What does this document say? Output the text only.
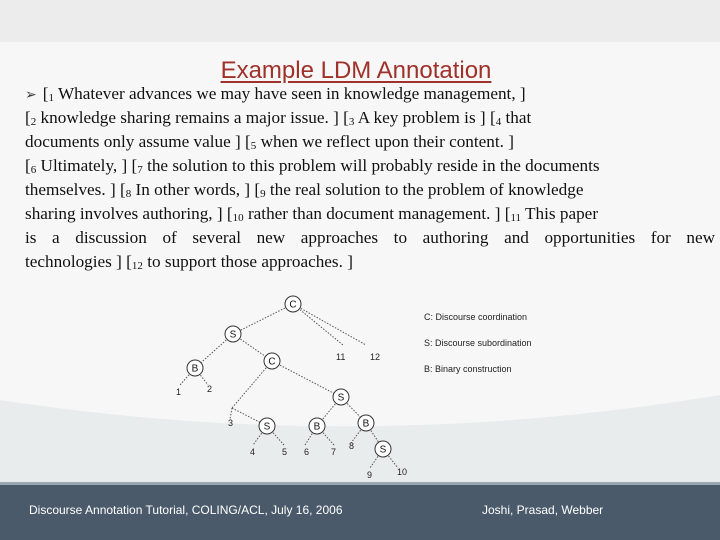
Example LDM Annotation
➢ [$_1$ Whatever advances we may have seen in knowledge management, ]
[$_2$ knowledge sharing remains a major issue. ] [$_3$ A key problem is ] [$_4$ that
documents only assume value ] [$_5$ when we reflect upon their content. ]
[$_6$ Ultimately, ] [$_7$ the solution to this problem will probably reside in the documents
themselves. ] [$_8$ In other words, ] [$_9$ the real solution to the problem of knowledge
sharing involves authoring, ] [$_{10}$ rather than document management. ] [$_{11}$ This paper
is a discussion of several new approaches to authoring and opportunities for new
technologies ] [$_{12}$ to support those approaches. ]
C
S
B
C
S
S	B	B
S
1	2
11	12
3
4	5 6 7
8
9	10
C: Discourse coordination
S: Discourse subordination
B: Binary construction
Discourse Annotation Tutorial, COLING/ACL, July 16, 2006	Joshi, Prasad, Webber
